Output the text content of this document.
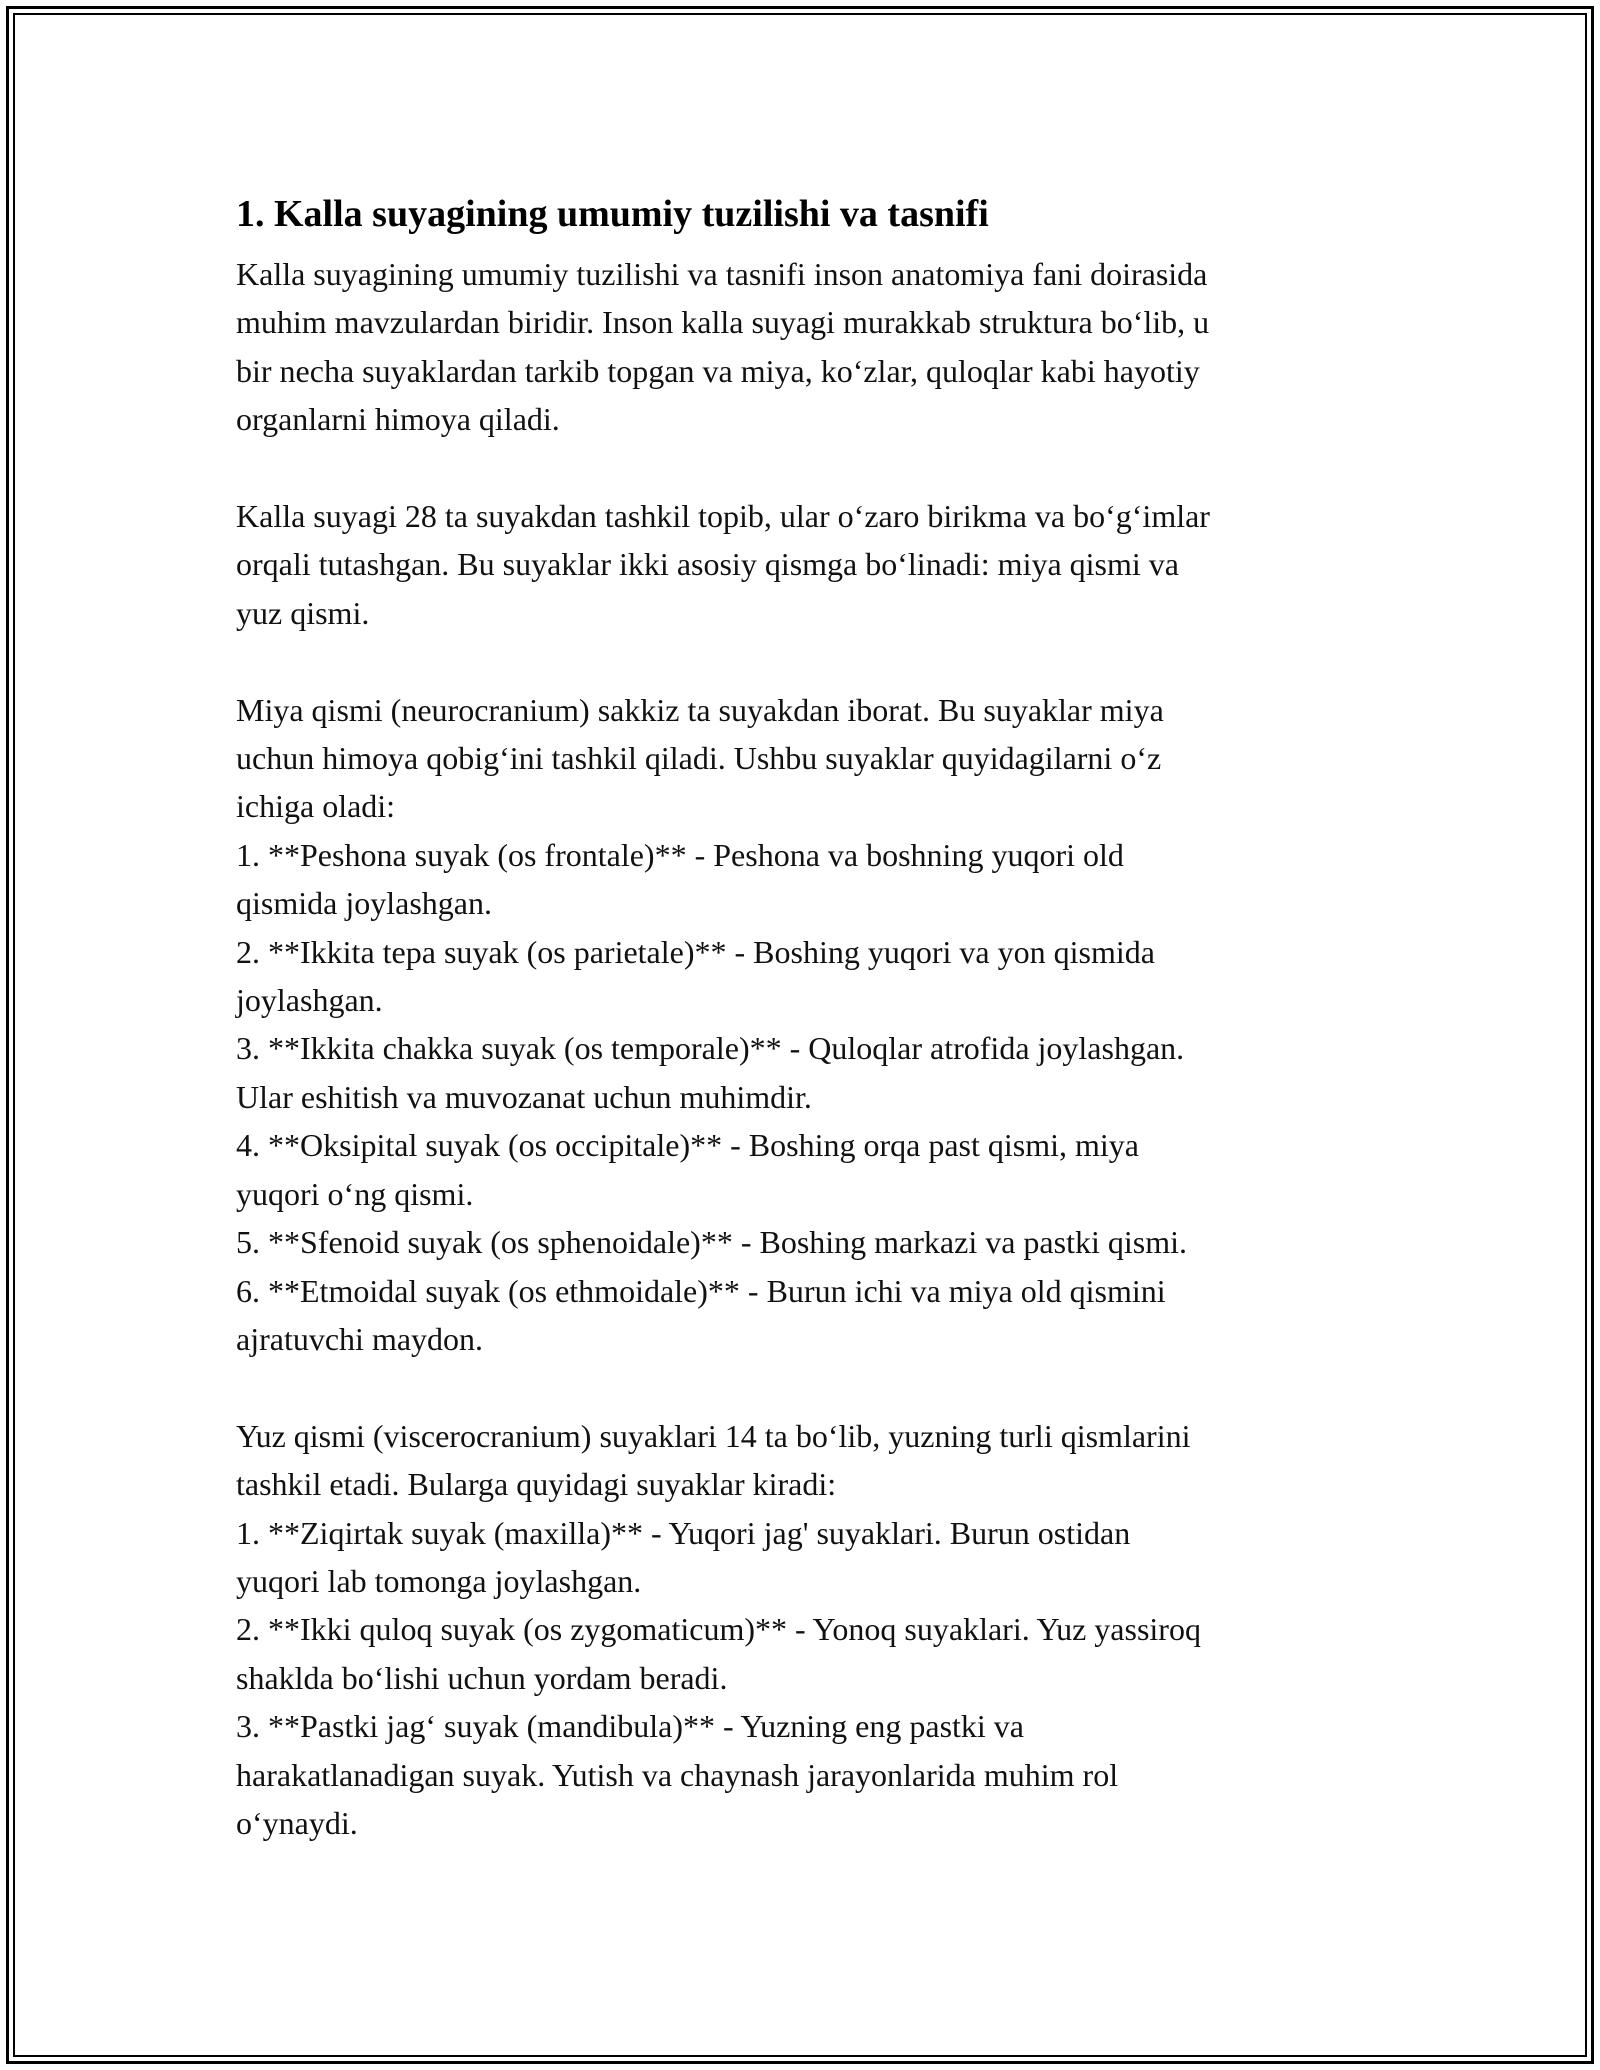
1. Kalla suyagining umumiy tuzilishi va tasnifi

Kalla suyagining umumiy tuzilishi va tasnifi inson anatomiya fani doirasida
muhim mavzulardan biridir. Inson kalla suyagi murakkab struktura bo‘lib, u
bir necha suyaklardan tarkib topgan va miya, ko‘zlar, quloqlar kabi hayotiy
organlarni himoya qiladi.

Kalla suyagi 28 ta suyakdan tashkil topib, ular o‘zaro birikma va bo‘g‘imlar
orqali tutashgan. Bu suyaklar ikki asosiy qismga bo‘linadi: miya qismi va
yuz qismi.

Miya qismi (neurocranium) sakkiz ta suyakdan iborat. Bu suyaklar miya
uchun himoya qobig‘ini tashkil qiladi. Ushbu suyaklar quyidagilarni o‘z
ichiga oladi:
1. **Peshona suyak (os frontale)** - Peshona va boshning yuqori old
qismida joylashgan.
2. **Ikkita tepa suyak (os parietale)** - Boshing yuqori va yon qismida
joylashgan.
3. **Ikkita chakka suyak (os temporale)** - Quloqlar atrofida joylashgan.
Ular eshitish va muvozanat uchun muhimdir.
4. **Oksipital suyak (os occipitale)** - Boshing orqa past qismi, miya
yuqori o‘ng qismi.
5. **Sfenoid suyak (os sphenoidale)** - Boshing markazi va pastki qismi.
6. **Etmoidal suyak (os ethmoidale)** - Burun ichi va miya old qismini
ajratuvchi maydon.

Yuz qismi (viscerocranium) suyaklari 14 ta bo‘lib, yuzning turli qismlarini
tashkil etadi. Bularga quyidagi suyaklar kiradi:
1. **Ziqirtak suyak (maxilla)** - Yuqori jag' suyaklari. Burun ostidan
yuqori lab tomonga joylashgan.
2. **Ikki quloq suyak (os zygomaticum)** - Yonoq suyaklari. Yuz yassiroq
shaklda bo‘lishi uchun yordam beradi.
3. **Pastki jag‘ suyak (mandibula)** - Yuzning eng pastki va
harakatlanadigan suyak. Yutish va chaynash jarayonlarida muhim rol
o‘ynaydi.
